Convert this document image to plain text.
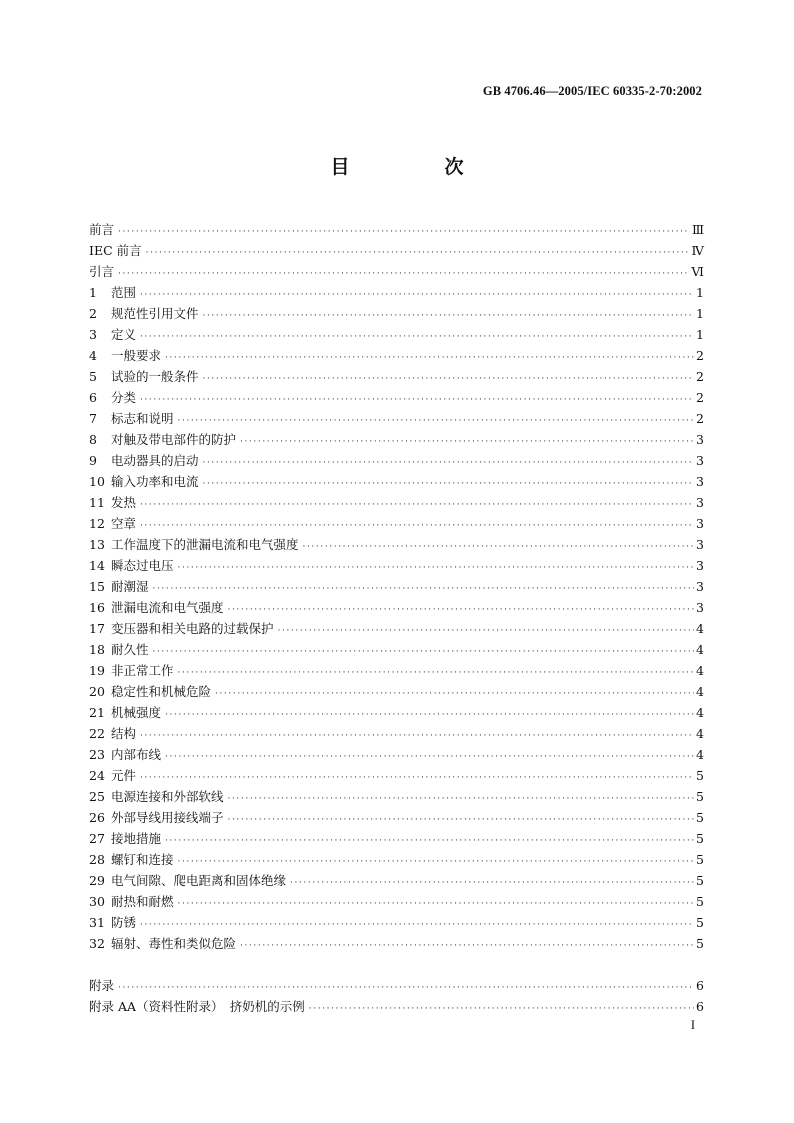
GB 4706.46—2005/IEC 60335-2-70:2002
目　次
前言 ·····	Ⅲ
IEC 前言 ·····	Ⅳ
引言 ·····	Ⅵ
1	范围 ·····	1
2	规范性引用文件 ·····	1
3	定义 ·····	1
4	一般要求 ·····	2
5	试验的一般条件 ·····	2
6	分类 ·····	2
7	标志和说明 ·····	2
8	对触及带电部件的防护 ·····	3
9	电动器具的启动 ·····	3
10 输入功率和电流 ·····	3
11 发热 ·····	3
12 空章 ·····	3
13 工作温度下的泄漏电流和电气强度 ·····	3
14 瞬态过电压 ·····	3
15 耐潮湿 ·····	3
16 泄漏电流和电气强度 ·····	3
17 变压器和相关电路的过载保护 ·····	4
18 耐久性 ·····	4
19 非正常工作 ·····	4
20 稳定性和机械危险 ·····	4
21 机械强度 ·····	4
22 结构 ·····	4
23 内部布线 ·····	4
24 元件 ·····	5
25 电源连接和外部软线 ·····	5
26 外部导线用接线端子 ·····	5
27 接地措施 ·····	5
28 螺钉和连接 ·····	5
29 电气间隙、爬电距离和固体绝缘 ·····	5
30 耐热和耐燃 ·····	5
31 防锈 ·····	5
32 辐射、毒性和类似危险 ·····	5
附录 ·····	6
附录 AA（资料性附录）　挤奶机的示例 ·····	6
I
